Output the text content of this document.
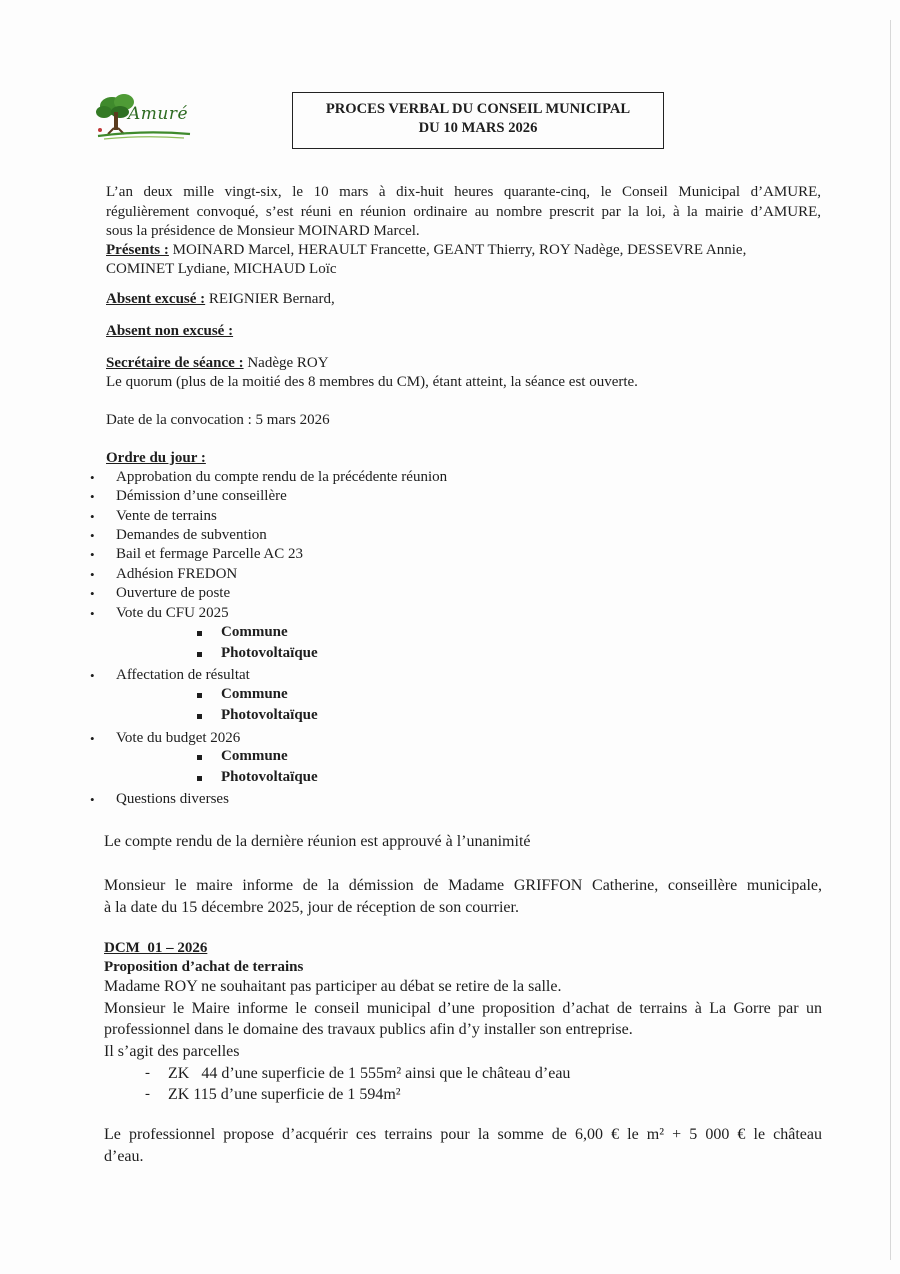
Amuré	PROCES VERBAL DU CONSEIL MUNICIPAL
DU 10 MARS 2026
L’an deux mille vingt-six, le 10 mars à dix-huit heures quarante-cinq, le Conseil Municipal d’AMURE,
régulièrement convoqué, s’est réuni en réunion ordinaire au nombre prescrit par la loi, à la mairie d’AMURE,
sous la présidence de Monsieur MOINARD Marcel.
Présents : MOINARD Marcel, HERAULT Francette, GEANT Thierry, ROY Nadège, DESSEVRE Annie,
COMINET Lydiane, MICHAUD Loïc
Absent excusé : REIGNIER Bernard,
Absent non excusé :
Secrétaire de séance : Nadège ROY
Le quorum (plus de la moitié des 8 membres du CM), étant atteint, la séance est ouverte.
Date de la convocation : 5 mars 2026
Ordre du jour :
• Approbation du compte rendu de la précédente réunion
• Démission d’une conseillère
• Vente de terrains
• Demandes de subvention
• Bail et fermage Parcelle AC 23
• Adhésion FREDON
• Ouverture de poste
• Vote du CFU 2025
Commune
Photovoltaïque
• Affectation de résultat
Commune
Photovoltaïque
• Vote du budget 2026
Commune
Photovoltaïque
• Questions diverses
Le compte rendu de la dernière réunion est approuvé à l’unanimité
Monsieur le maire informe de la démission de Madame GRIFFON Catherine, conseillère municipale,
à la date du 15 décembre 2025, jour de réception de son courrier.
DCM  01 – 2026
Proposition d’achat de terrains
Madame ROY ne souhaitant pas participer au débat se retire de la salle.
Monsieur le Maire informe le conseil municipal d’une proposition d’achat de terrains à La Gorre par un
professionnel dans le domaine des travaux publics afin d’y installer son entreprise.
Il s’agit des parcelles
- ZK   44 d’une superficie de 1 555m² ainsi que le château d’eau
- ZK 115 d’une superficie de 1 594m²
Le professionnel propose d’acquérir ces terrains pour la somme de 6,00 € le m² + 5 000 € le château
d’eau.
